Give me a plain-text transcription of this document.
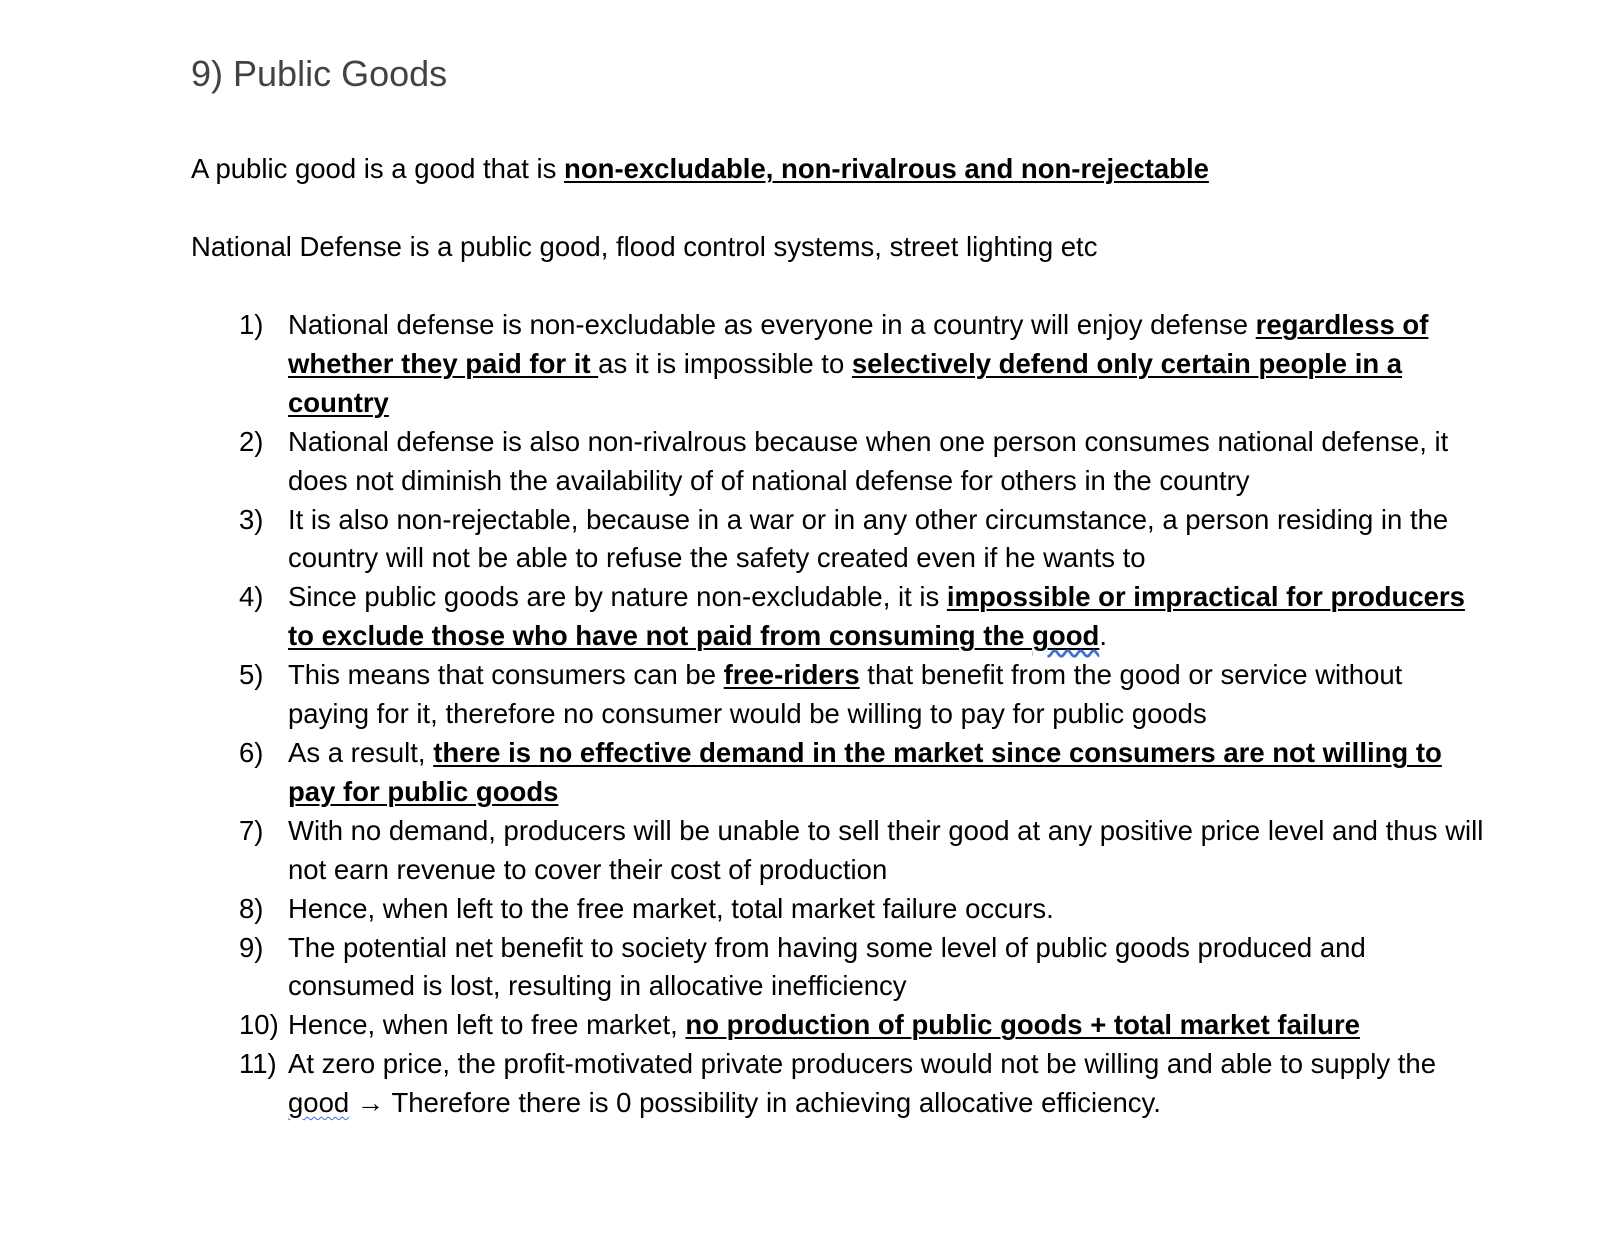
9) Public Goods

A public good is a good that is non-excludable, non-rivalrous and non-rejectable

National Defense is a public good, flood control systems, street lighting etc

1) National defense is non-excludable as everyone in a country will enjoy defense regardless of whether they paid for it as it is impossible to selectively defend only certain people in a country
2) National defense is also non-rivalrous because when one person consumes national defense, it does not diminish the availability of of national defense for others in the country
3) It is also non-rejectable, because in a war or in any other circumstance, a person residing in the country will not be able to refuse the safety created even if he wants to
4) Since public goods are by nature non-excludable, it is impossible or impractical for producers to exclude those who have not paid from consuming the good.
5) This means that consumers can be free-riders that benefit from the good or service without paying for it, therefore no consumer would be willing to pay for public goods
6) As a result, there is no effective demand in the market since consumers are not willing to pay for public goods
7) With no demand, producers will be unable to sell their good at any positive price level and thus will not earn revenue to cover their cost of production
8) Hence, when left to the free market, total market failure occurs.
9) The potential net benefit to society from having some level of public goods produced and consumed is lost, resulting in allocative inefficiency
10) Hence, when left to free market, no production of public goods + total market failure
11) At zero price, the profit-motivated private producers would not be willing and able to supply the good → Therefore there is 0 possibility in achieving allocative efficiency.
